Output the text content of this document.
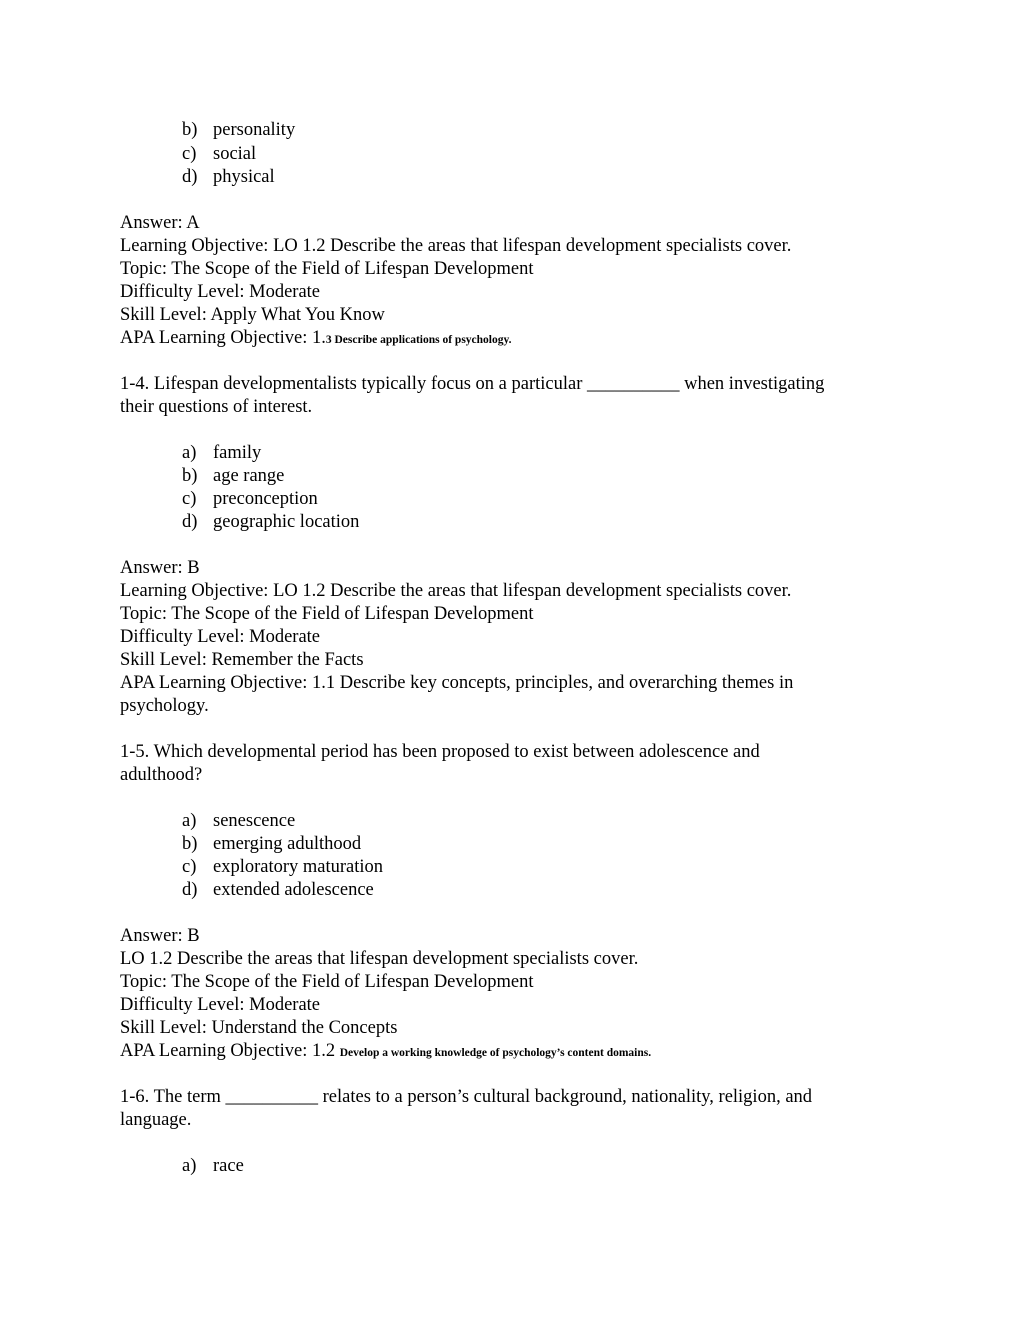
b) personality
c) social
d) physical
Answer: A
Learning Objective: LO 1.2 Describe the areas that lifespan development specialists cover.
Topic: The Scope of the Field of Lifespan Development
Difficulty Level: Moderate
Skill Level: Apply What You Know
APA Learning Objective: 1.3 Describe applications of psychology.
1-4. Lifespan developmentalists typically focus on a particular __________ when investigating
their questions of interest.
a) family
b) age range
c) preconception
d) geographic location
Answer: B
Learning Objective: LO 1.2 Describe the areas that lifespan development specialists cover.
Topic: The Scope of the Field of Lifespan Development
Difficulty Level: Moderate
Skill Level: Remember the Facts
APA Learning Objective: 1.1 Describe key concepts, principles, and overarching themes in
psychology.
1-5. Which developmental period has been proposed to exist between adolescence and
adulthood?
a) senescence
b) emerging adulthood
c) exploratory maturation
d) extended adolescence
Answer: B
LO 1.2 Describe the areas that lifespan development specialists cover.
Topic: The Scope of the Field of Lifespan Development
Difficulty Level: Moderate
Skill Level: Understand the Concepts
APA Learning Objective: 1.2 Develop a working knowledge of psychology’s content domains.
1-6. The term __________ relates to a person’s cultural background, nationality, religion, and
language.
a) race
